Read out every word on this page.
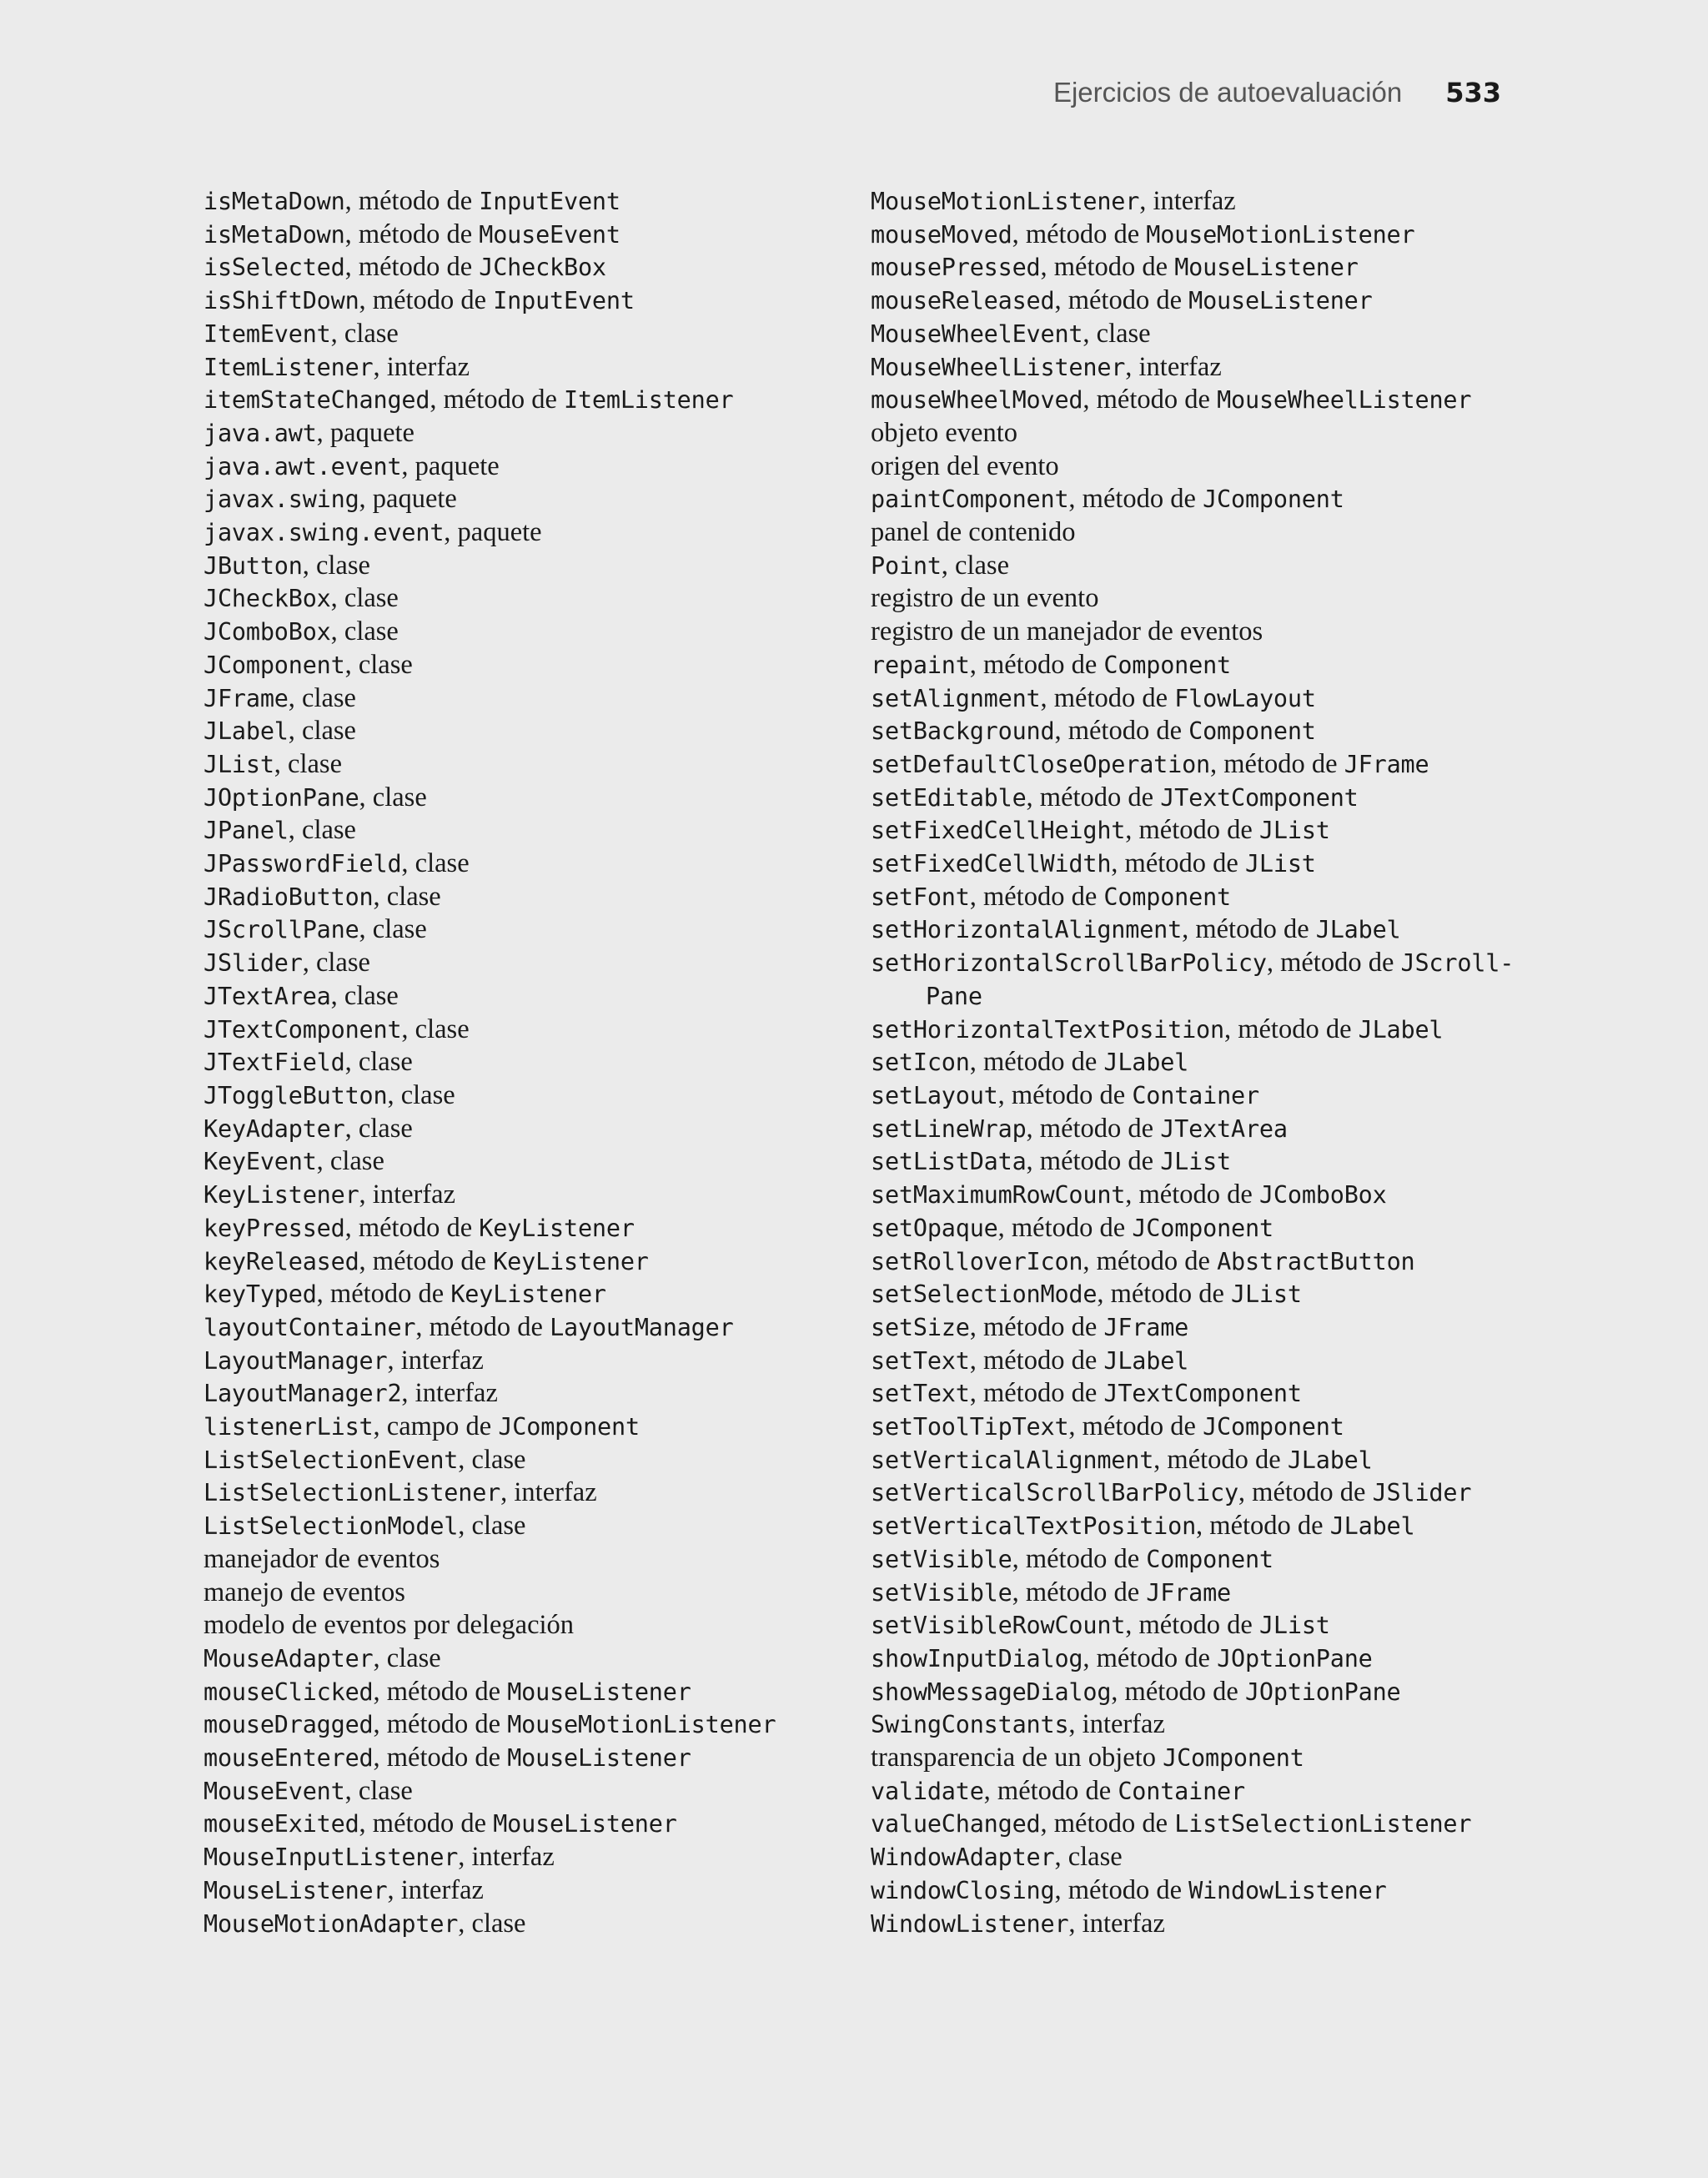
Ejercicios de autoevaluación 533
isMetaDown, método de InputEvent
isMetaDown, método de MouseEvent
isSelected, método de JCheckBox
isShiftDown, método de InputEvent
ItemEvent, clase
ItemListener, interfaz
itemStateChanged, método de ItemListener
java.awt, paquete
java.awt.event, paquete
javax.swing, paquete
javax.swing.event, paquete
JButton, clase
JCheckBox, clase
JComboBox, clase
JComponent, clase
JFrame, clase
JLabel, clase
JList, clase
JOptionPane, clase
JPanel, clase
JPasswordField, clase
JRadioButton, clase
JScrollPane, clase
JSlider, clase
JTextArea, clase
JTextComponent, clase
JTextField, clase
JToggleButton, clase
KeyAdapter, clase
KeyEvent, clase
KeyListener, interfaz
keyPressed, método de KeyListener
keyReleased, método de KeyListener
keyTyped, método de KeyListener
layoutContainer, método de LayoutManager
LayoutManager, interfaz
LayoutManager2, interfaz
listenerList, campo de JComponent
ListSelectionEvent, clase
ListSelectionListener, interfaz
ListSelectionModel, clase
manejador de eventos
manejo de eventos
modelo de eventos por delegación
MouseAdapter, clase
mouseClicked, método de MouseListener
mouseDragged, método de MouseMotionListener
mouseEntered, método de MouseListener
MouseEvent, clase
mouseExited, método de MouseListener
MouseInputListener, interfaz
MouseListener, interfaz
MouseMotionAdapter, clase
MouseMotionListener, interfaz
mouseMoved, método de MouseMotionListener
mousePressed, método de MouseListener
mouseReleased, método de MouseListener
MouseWheelEvent, clase
MouseWheelListener, interfaz
mouseWheelMoved, método de MouseWheelListener
objeto evento
origen del evento
paintComponent, método de JComponent
panel de contenido
Point, clase
registro de un evento
registro de un manejador de eventos
repaint, método de Component
setAlignment, método de FlowLayout
setBackground, método de Component
setDefaultCloseOperation, método de JFrame
setEditable, método de JTextComponent
setFixedCellHeight, método de JList
setFixedCellWidth, método de JList
setFont, método de Component
setHorizontalAlignment, método de JLabel
setHorizontalScrollBarPolicy, método de JScroll-
Pane
setHorizontalTextPosition, método de JLabel
setIcon, método de JLabel
setLayout, método de Container
setLineWrap, método de JTextArea
setListData, método de JList
setMaximumRowCount, método de JComboBox
setOpaque, método de JComponent
setRolloverIcon, método de AbstractButton
setSelectionMode, método de JList
setSize, método de JFrame
setText, método de JLabel
setText, método de JTextComponent
setToolTipText, método de JComponent
setVerticalAlignment, método de JLabel
setVerticalScrollBarPolicy, método de JSlider
setVerticalTextPosition, método de JLabel
setVisible, método de Component
setVisible, método de JFrame
setVisibleRowCount, método de JList
showInputDialog, método de JOptionPane
showMessageDialog, método de JOptionPane
SwingConstants, interfaz
transparencia de un objeto JComponent
validate, método de Container
valueChanged, método de ListSelectionListener
WindowAdapter, clase
windowClosing, método de WindowListener
WindowListener, interfaz
